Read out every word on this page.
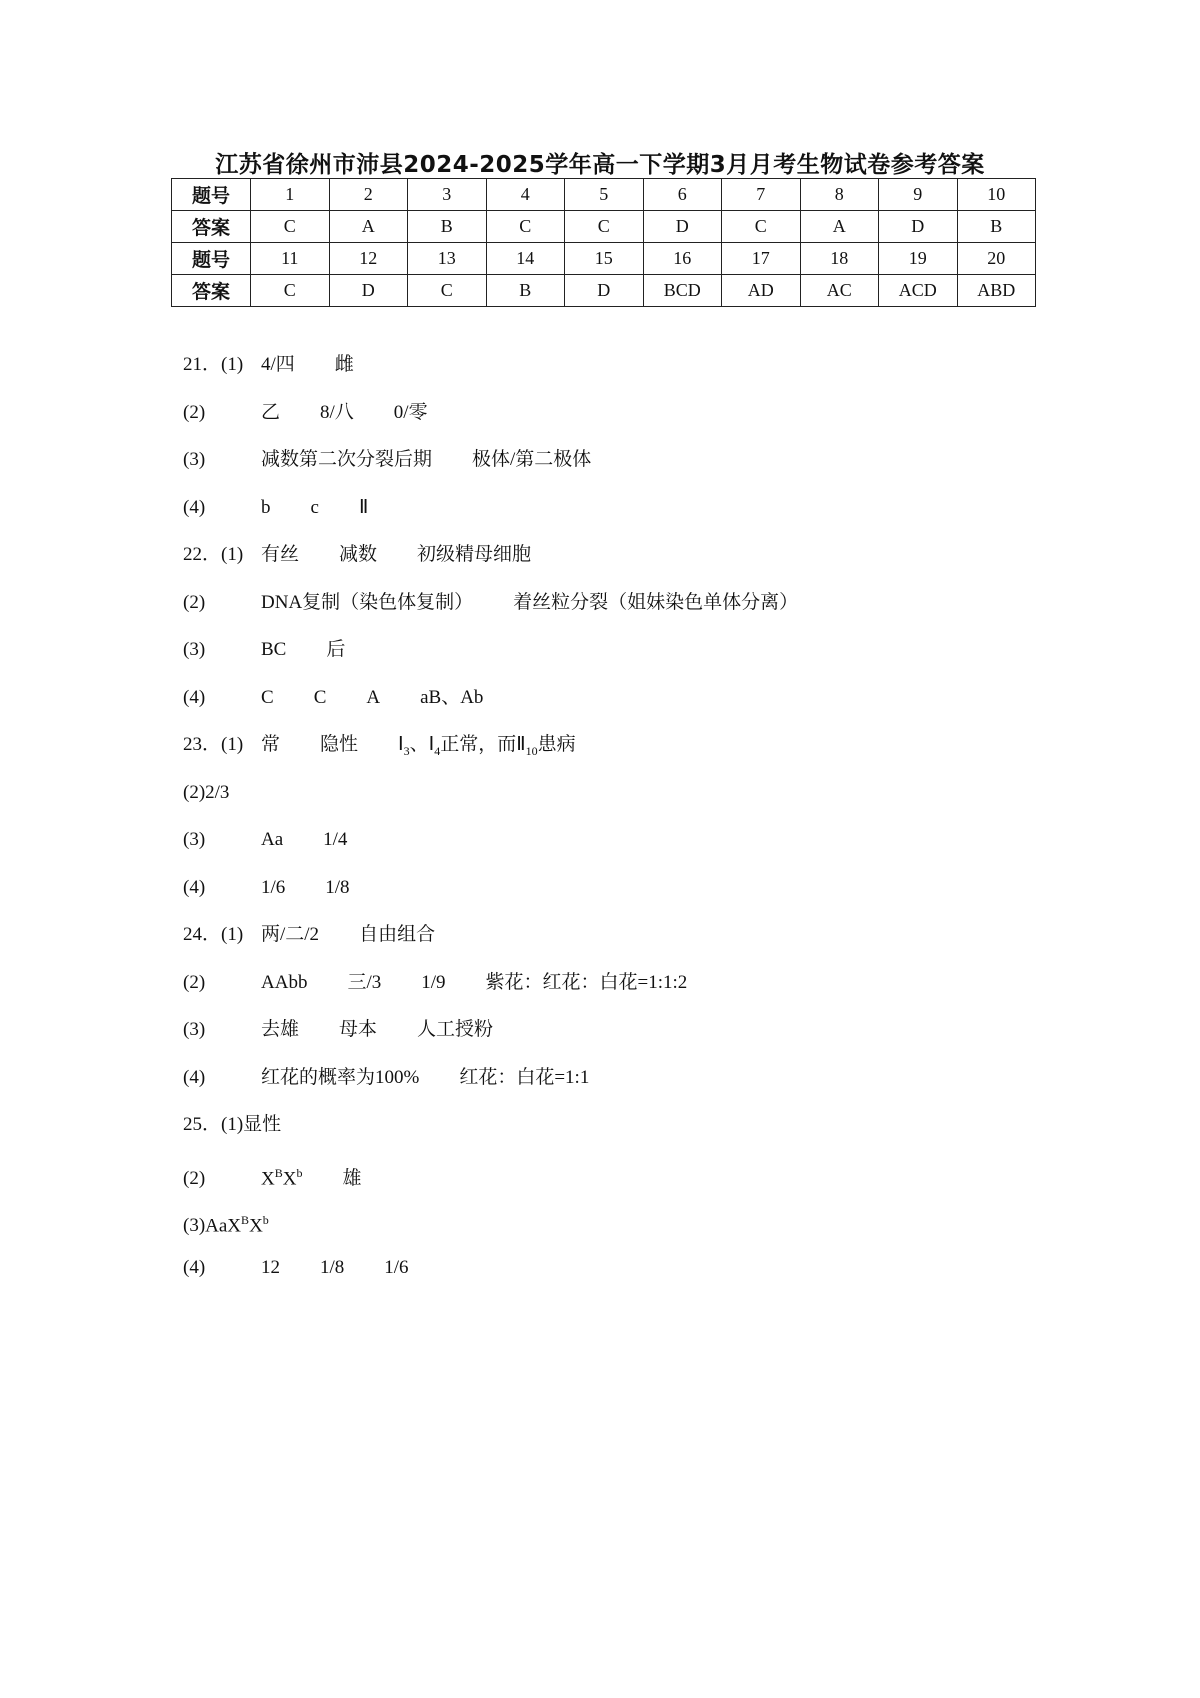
江苏省徐州市沛县2024-2025学年高一下学期3月月考生物试卷参考答案
题号	1	2	3	4	5	6	7	8	9	10
答案	C	A	B	C	C	D	C	A	D	B
题号	11	12	13	14	15	16	17	18	19	20
答案	C	D	C	B	D	BCD	AD	AC	ACD	ABD
21．(1) 4/四 雌
(2)	乙 8/八 0/零
(3)	减数第二次分裂后期 极体/第二极体
(4)	b c Ⅱ
22．(1) 有丝 减数 初级精母细胞
(2)	DNA复制（染色体复制） 着丝粒分裂（姐妹染色单体分离）
(3)	BC 后
(4)	C C A aB、Ab
23．(1) 常 隐性 $Ⅰ_3$、$Ⅰ_4$正常，而$Ⅱ_{10}$患病
(2)2/3
(3)	Aa 1/4
(4)	1/6 1/8
24．(1) 两/二/2 自由组合
(2)	AAbb 三/3 1/9 紫花：红花：白花=1:1:2
(3)	去雄 母本 人工授粉
(4)	红花的概率为100% 红花：白花=1:1
25．(1)显性
(2)	$X^BX^b$ 雄
$(3)AaX^BX^b$
(4)	12 1/8 1/6
